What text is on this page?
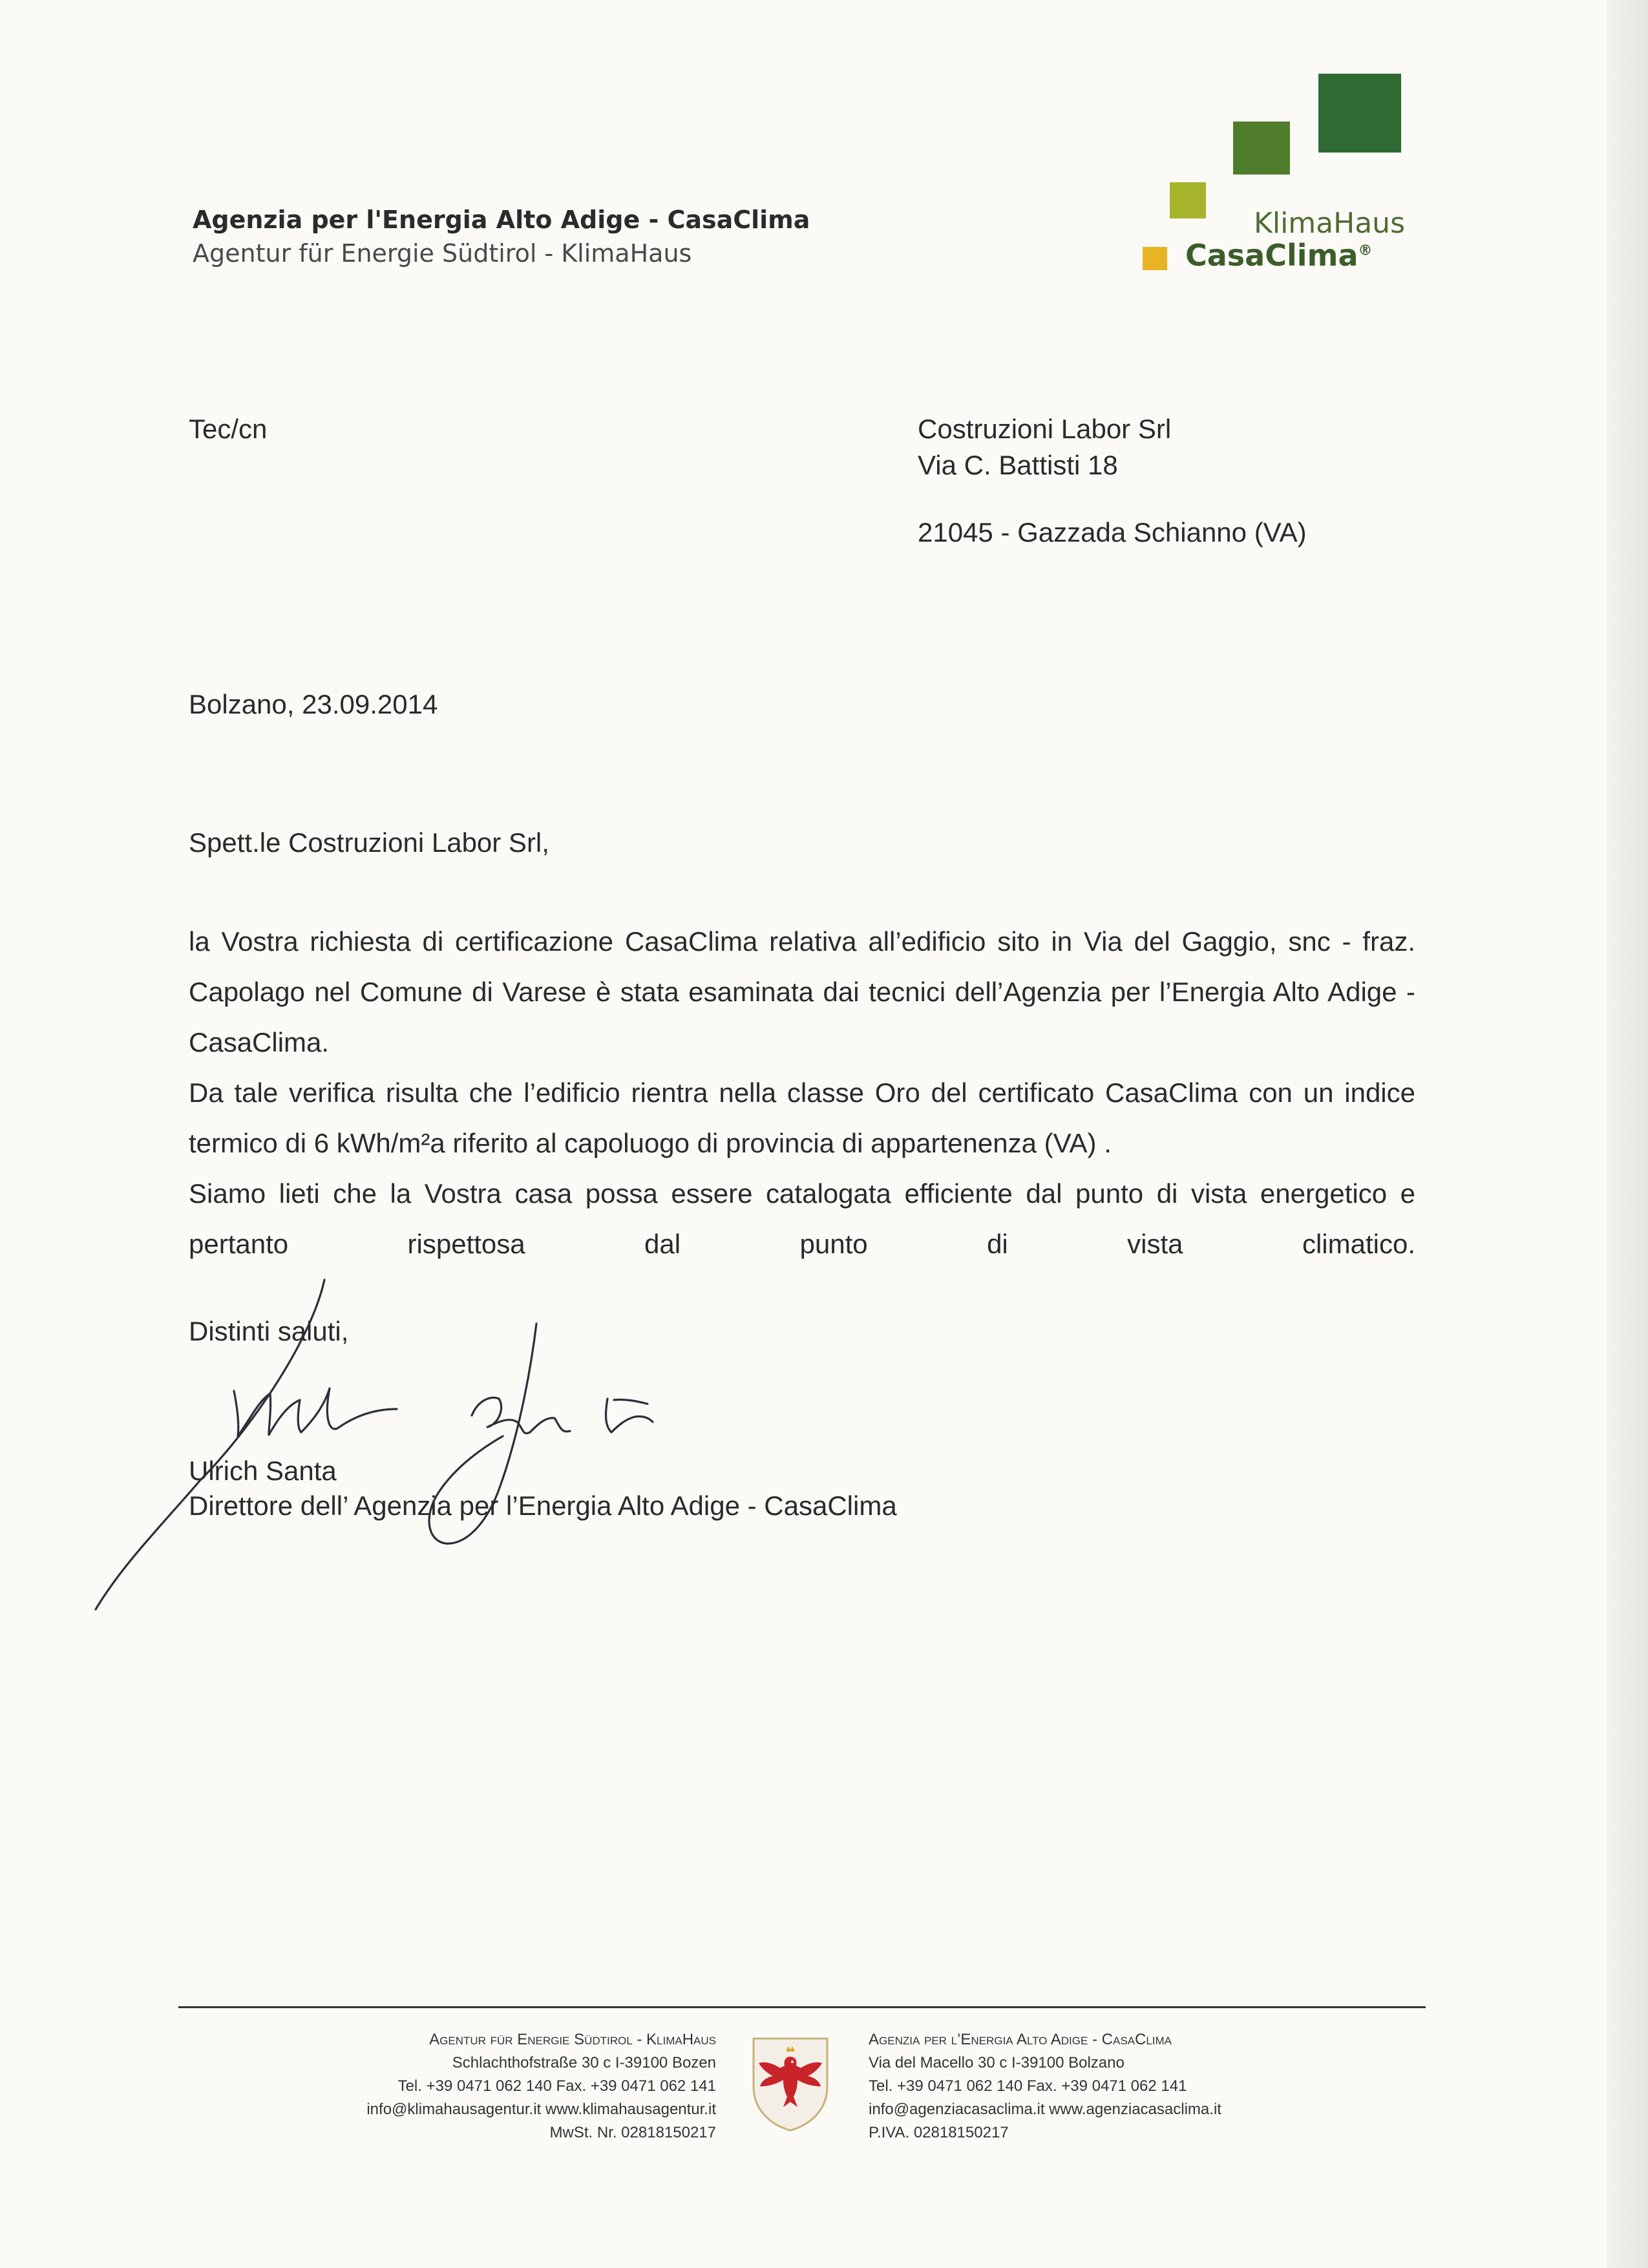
Agenzia per l'Energia Alto Adige - CasaClima
Agentur für Energie Südtirol - KlimaHaus
KlimaHaus
CasaClima®
Tec/cn	Costruzioni Labor Srl
Via C. Battisti 18
21045 - Gazzada Schianno (VA)
Bolzano, 23.09.2014
Spett.le Costruzioni Labor Srl,

la Vostra richiesta di certificazione CasaClima relativa all’edificio sito in Via del Gaggio, snc - fraz. Capolago nel Comune di Varese è stata esaminata dai tecnici dell’Agenzia per l’Energia Alto Adige - CasaClima.

Da tale verifica risulta che l’edificio rientra nella classe Oro del certificato CasaClima con un indice termico di 6 kWh/m²a riferito al capoluogo di provincia di appartenenza (VA) .

Siamo lieti che la Vostra casa possa essere catalogata efficiente dal punto di vista energetico e pertanto rispettosa dal punto di vista climatico.

Distinti saluti,
Ulrich Santa
Direttore dell’ Agenzia per l’Energia Alto Adige - CasaClima
Agentur für Energie Südtirol - KlimaHaus
Schlachthofstraße 30 c I-39100 Bozen
Tel. +39 0471 062 140 Fax. +39 0471 062 141
info@klimahausagentur.it www.klimahausagentur.it
MwSt. Nr. 02818150217
Agenzia per l’Energia Alto Adige - CasaClima
Via del Macello 30 c I-39100 Bolzano
Tel. +39 0471 062 140 Fax. +39 0471 062 141
info@agenziacasaclima.it www.agenziacasaclima.it
P.IVA. 02818150217
